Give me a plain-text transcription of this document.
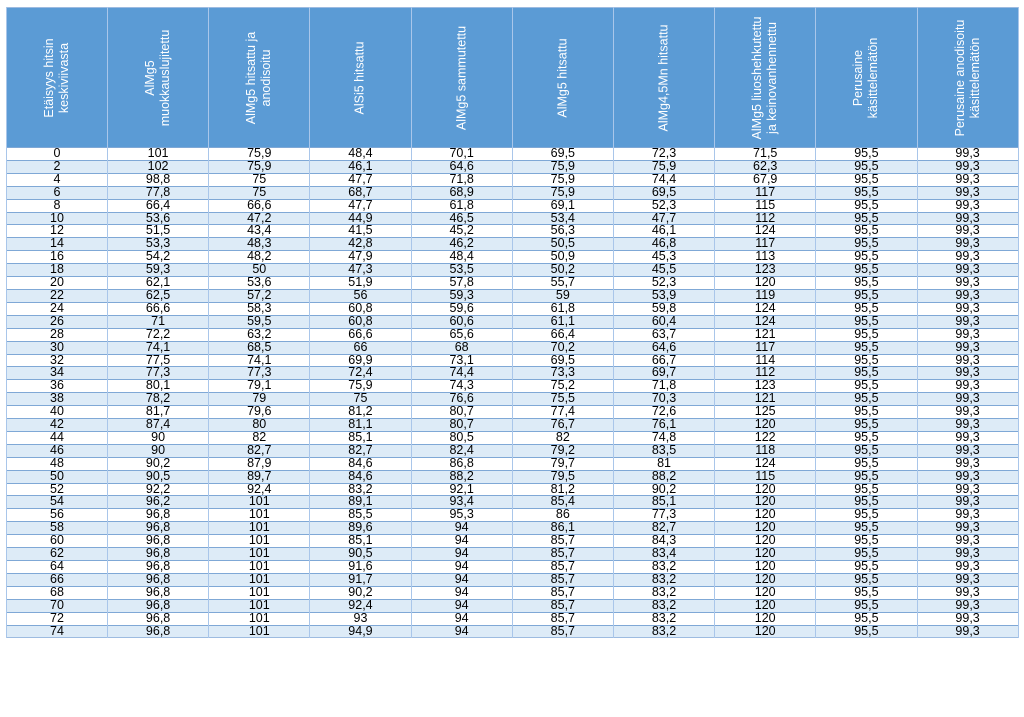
Etäisyys hitsin keskiviivasta	AlMg5 muokkauslujitettu	AlMg5 hitsattu ja anodisoitu	AlSi5 hitsattu	AlMg5 sammutettu	AlMg5 hitsattu	AlMg4,5Mn hitsattu	AlMg5 liuoshehkutettu ja keinovanhennettu	Perusaine käsittelemätön	Perusaine anodisoitu käsittelemätön

0	101	75,9	48,4	70,1	69,5	72,3	71,5	95,5	99,3
2	102	75,9	46,1	64,6	75,9	75,9	62,3	95,5	99,3
4	98,8	75	47,7	71,8	75,9	74,4	67,9	95,5	99,3
6	77,8	75	68,7	68,9	75,9	69,5	117	95,5	99,3
8	66,4	66,6	47,7	61,8	69,1	52,3	115	95,5	99,3
10	53,6	47,2	44,9	46,5	53,4	47,7	112	95,5	99,3
12	51,5	43,4	41,5	45,2	56,3	46,1	124	95,5	99,3
14	53,3	48,3	42,8	46,2	50,5	46,8	117	95,5	99,3
16	54,2	48,2	47,9	48,4	50,9	45,3	113	95,5	99,3
18	59,3	50	47,3	53,5	50,2	45,5	123	95,5	99,3
20	62,1	53,6	51,9	57,8	55,7	52,3	120	95,5	99,3
22	62,5	57,2	56	59,3	59	53,9	119	95,5	99,3
24	66,6	58,3	60,8	59,6	61,8	59,8	124	95,5	99,3
26	71	59,5	60,8	60,6	61,1	60,4	124	95,5	99,3
28	72,2	63,2	66,6	65,6	66,4	63,7	121	95,5	99,3
30	74,1	68,5	66	68	70,2	64,6	117	95,5	99,3
32	77,5	74,1	69,9	73,1	69,5	66,7	114	95,5	99,3
34	77,3	77,3	72,4	74,4	73,3	69,7	112	95,5	99,3
36	80,1	79,1	75,9	74,3	75,2	71,8	123	95,5	99,3
38	78,2	79	75	76,6	75,5	70,3	121	95,5	99,3
40	81,7	79,6	81,2	80,7	77,4	72,6	125	95,5	99,3
42	87,4	80	81,1	80,7	76,7	76,1	120	95,5	99,3
44	90	82	85,1	80,5	82	74,8	122	95,5	99,3
46	90	82,7	82,7	82,4	79,2	83,5	118	95,5	99,3
48	90,2	87,9	84,6	86,8	79,7	81	124	95,5	99,3
50	90,5	89,7	84,6	88,2	79,5	88,2	115	95,5	99,3
52	92,2	92,4	83,2	92,1	81,2	90,2	120	95,5	99,3
54	96,2	101	89,1	93,4	85,4	85,1	120	95,5	99,3
56	96,8	101	85,5	95,3	86	77,3	120	95,5	99,3
58	96,8	101	89,6	94	86,1	82,7	120	95,5	99,3
60	96,8	101	85,1	94	85,7	84,3	120	95,5	99,3
62	96,8	101	90,5	94	85,7	83,4	120	95,5	99,3
64	96,8	101	91,6	94	85,7	83,2	120	95,5	99,3
66	96,8	101	91,7	94	85,7	83,2	120	95,5	99,3
68	96,8	101	90,2	94	85,7	83,2	120	95,5	99,3
70	96,8	101	92,4	94	85,7	83,2	120	95,5	99,3
72	96,8	101	93	94	85,7	83,2	120	95,5	99,3
74	96,8	101	94,9	94	85,7	83,2	120	95,5	99,3
